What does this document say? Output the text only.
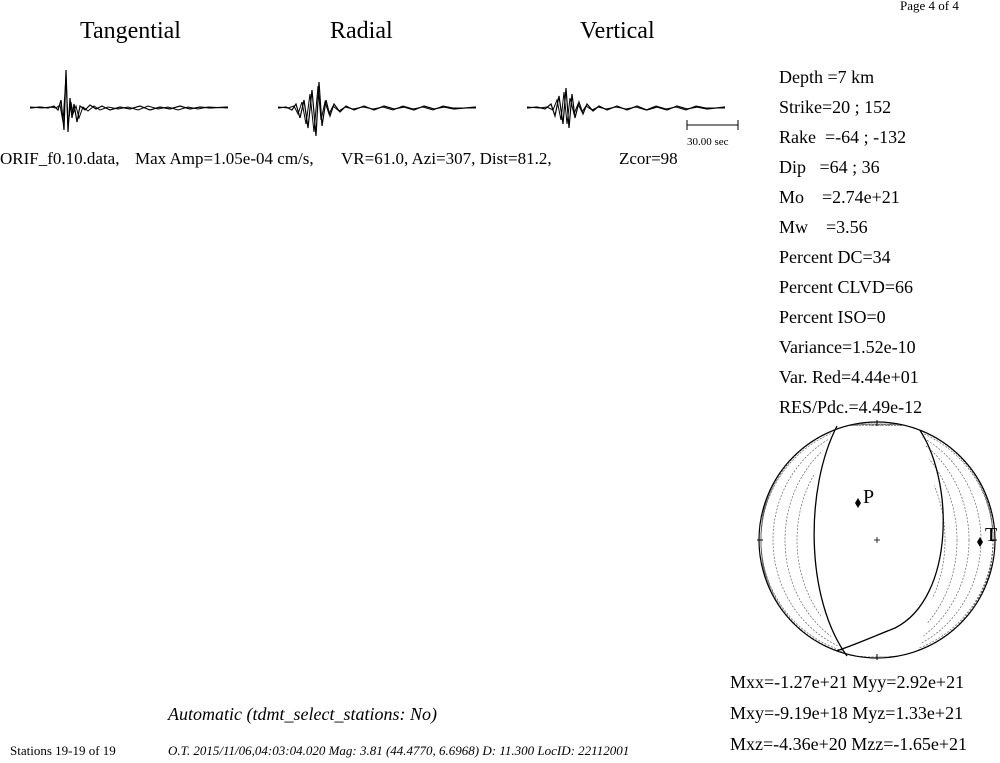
Page 4 of 4
Tangential	Radial	Vertical
30.00 sec
ORIF_f0.10.data, Max Amp=1.05e-04 cm/s, VR=61.0, Azi=307, Dist=81.2,	Zcor=98
Depth =7 km
Strike=20 ; 152
Rake  =-64 ; -132
Dip   =64 ; 36
Mo    =2.74e+21
Mw    =3.56
Percent DC=34
Percent CLVD=66
Percent ISO=0
Variance=1.52e-10
Var. Red=4.44e+01
RES/Pdc.=4.49e-12
P
T
Mxx=-1.27e+21 Myy=2.92e+21
Mxy=-9.19e+18 Myz=1.33e+21
Mxz=-4.36e+20 Mzz=-1.65e+21
Automatic (tdmt_select_stations: No)
Stations 19-19 of 19	O.T. 2015/11/06,04:03:04.020 Mag: 3.81 (44.4770, 6.6968) D: 11.300 LocID: 22112001
